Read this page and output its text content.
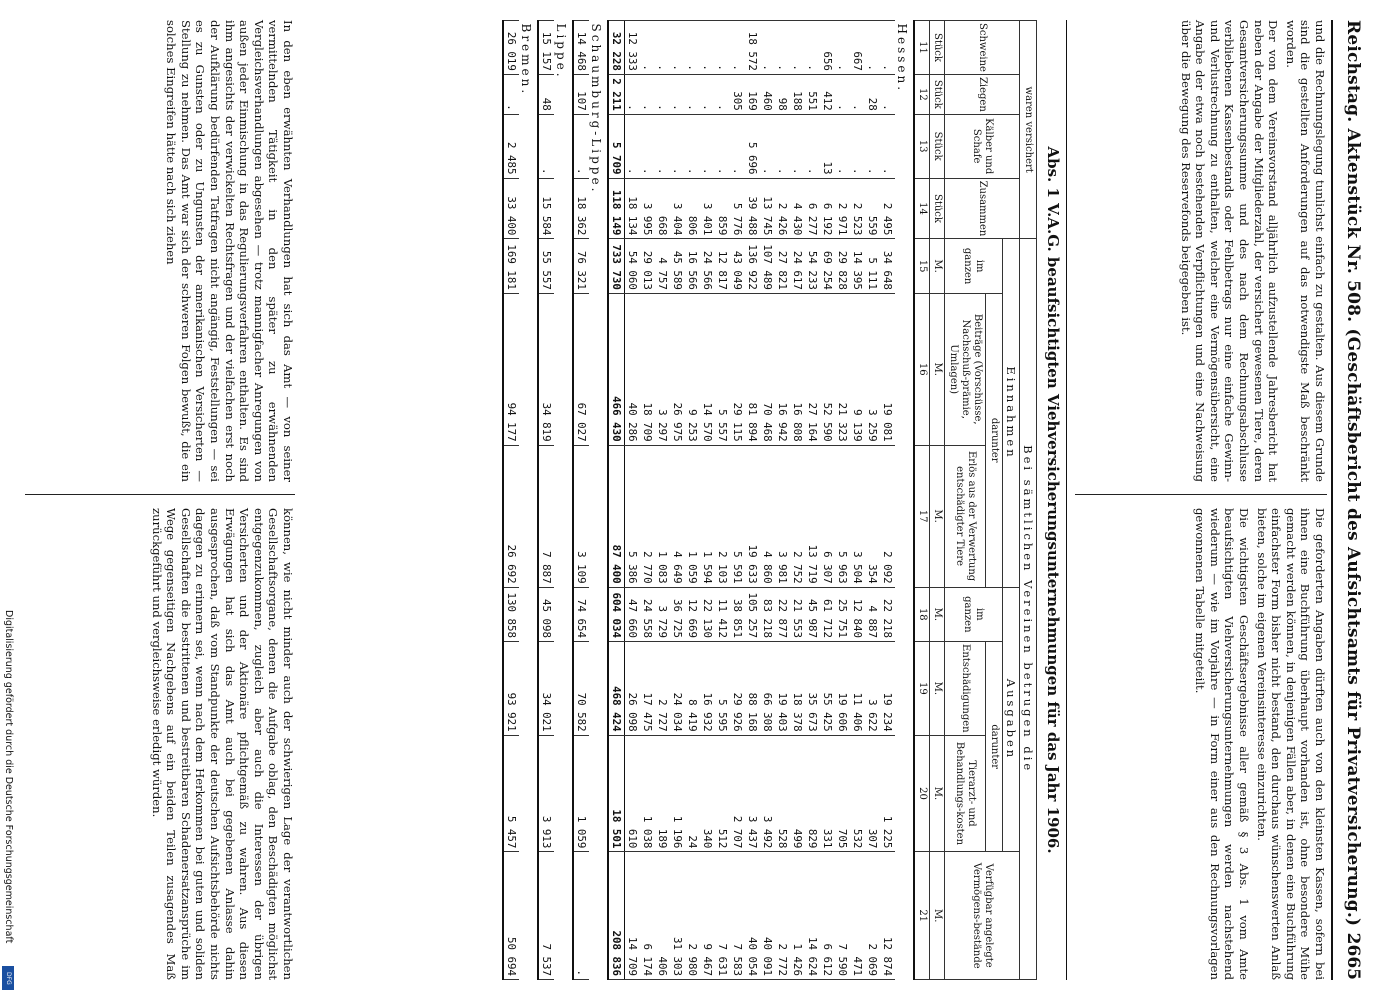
Reichstag. Aktenstück Nr. 508. (Geschäftsbericht des Aufsichtsamts für Privatversicherung.)
2665

und die Rechnungslegung tunlichst einfach zu gestalten. Aus diesem Grunde sind die gestellten Anforderungen auf das notwendigste Maß beschränkt worden.

Der von dem Vereinsvorstand alljährlich aufzustellende Jahresbericht hat neben der Angabe der Mitgliederzahl, der versichert gewesenen Tiere, deren Gesamtversicherungssumme und des nach dem Rechnungsabschlusse verbliebenen Kassenbestands oder Fehlbetrags nur eine einfache Gewinn- und Verlustrechnung zu enthalten, welcher eine Vermögensübersicht, eine Angabe der etwa noch bestehenden Verpflichtungen und eine Nachweisung über die Bewegung des Reservefonds beigegeben ist.

Die geforderten Angaben dürften auch von den kleinsten Kassen, sofern bei ihnen eine Buchführung überhaupt vorhanden ist, ohne besondere Mühe gemacht werden können, in denjenigen Fällen aber, in denen eine Buchführung einfachster Form bisher nicht bestand, den durchaus wünschenswerten Anlaß bieten, solche im eigenen Vereinsinteresse einzurichten.

Die wichtigsten Geschäftsergebnisse aller gemäß § 3 Abs. 1 vom Amte beaufsichtigten Viehversicherungsunternehmungen werden nachstehend wiederum — wie im Vorjahre — in Form einer aus den Rechnungsvorlagen gewonnenen Tabelle mitgeteilt.

Abs. 1 V.A.G. beaufsichtigten Viehversicherungsunternehmungen für das Jahr 1906.
waren versichert				Bei sämtlichen Vereinen betrugen die						
Schweine	Ziegen	Kälber und Schafe	Zusammen	Einnahmen			Ausgaben			Verfügbar angelegte Vermögens-bestände
				im ganzen	darunter		im ganzen	darunter		
					Beiträge (Vorschüsse, Nachschuß-prämie, Umlagen)	Erlös aus der Verwertung entschädigter Tiere		Entschädigungen	Tierarzt- und Behandlungs-kosten	
Stück	Stück	Stück	Stück	M.	M.	M.	M.	M.	M.	M.
11	12	13	14	15	16	17	18	19	20	21
Hessen.										
.	.	.	2 495	34 648	19 081	2 092	22 218	19 234	1 225	12 874
.	28	.	559	5 111	3 259	354	4 887	3 622	307	2 069
667	.	.	2 523	14 395	9 139	3 504	12 840	11 406	532	471
.	.	.	2 971	29 828	21 323	5 963	25 751	19 606	705	7 590
656	412	13	6 192	69 254	52 590	6 307	61 712	55 425	331	6 612
.	551	.	6 277	54 233	27 164	13 719	45 987	35 673	829	14 624
.	188	.	4 430	24 617	16 808	2 752	21 553	18 378	499	1 426
.	98	.	2 426	27 821	16 942	3 981	22 877	19 403	528	2 772
.	460	.	13 745	107 489	70 468	4 860	83 218	66 308	3 492	40 091
18 572	169	5 696	39 488	136 922	81 894	19 633	105 257	88 168	3 437	40 054
.	305	.	5 776	43 049	29 115	5 591	38 851	29 926	2 707	7 583
.	.	.	859	12 817	5 557	2 103	11 412	5 595	512	7 631
.	.	.	3 401	24 566	14 570	1 594	22 130	16 932	340	9 467
.	.	.	806	16 566	9 253	1 059	12 669	8 419	24	2 980
.	.	.	3 404	45 589	26 975	4 649	36 725	24 034	1 196	31 303
.	.	.	668	4 757	3 297	1 083	3 729	2 727	189	406
.	.	.	3 995	29 013	18 709	2 770	24 558	17 475	1 038	6 174
12 333	.	.	18 134	54 060	40 286	5 386	47 660	26 098	610	14 709
32 228	2 211	5 709	118 149	733 730	466 430	87 400	604 034	468 424	18 501	208 836
Schaumburg-Lippe.										
14 468	107	.	18 362	76 321	67 027	3 109	74 654	70 582	1 059	.
Lippe.										
15 157	48	.	15 584	55 557	34 819	7 887	45 098	34 021	3 913	7 537
Bremen.										
26 019	.	2 485	33 400	169 181	94 177	26 692	130 858	93 921	5 457	50 694

In den eben erwähnten Verhandlungen hat sich das Amt — von seiner vermittelnden Tätigkeit in den später zu erwähnenden Vergleichsverhandlungen abgesehen — trotz mannigfacher Anregungen von außen jeder Einmischung in das Regulierungsverfahren enthalten. Es sind ihm angesichts der verwickelten Rechtsfragen und der vielfachen erst noch der Aufklärung bedürfenden Tatfragen nicht angängig, Feststellungen — sei es zu Gunsten oder zu Ungunsten der amerikanischen Versicherten — Stellung zu nehmen. Das Amt war sich der schweren Folgen bewußt, die ein solches Eingreifen hätte nach sich ziehen

können, wie nicht minder auch der schwierigen Lage der verantwortlichen Gesellschaftsorgane, denen die Aufgabe oblag, den Beschädigten möglichst entgegenzukommen, zugleich aber auch die Interessen der übrigen Versicherten und der Aktionäre pflichtgemäß zu wahren. Aus diesen Erwägungen hat sich das Amt auch bei gegebenen Anlasse dahin ausgesprochen, daß vom Standpunkte der deutschen Aufsichtsbehörde nichts dagegen zu erinnern sei, wenn nach dem Herkommen bei guten und soliden Gesellschaften die bestrittenen und bestreitbaren Schadenersatzansprüche im Wege gegenseitigen Nachgebens auf ein beiden Teilen zusagendes Maß zurückgeführt und vergleichsweise erledigt würden.

Digitalisierung gefördert durch die Deutsche Forschungsgemeinschaft
DFG
